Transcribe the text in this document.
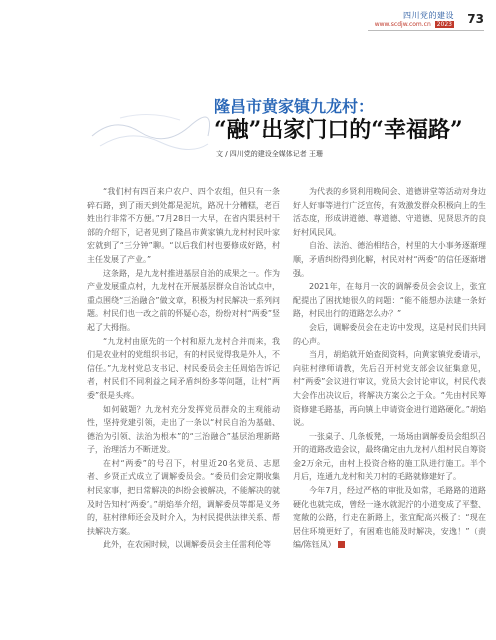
四川党的建设
www.scdjw.com.cn 2023 73
隆昌市黄家镇九龙村：
“融”出家门口的“幸福路”
文 / 四川党的建设全媒体记者 王珊

“我们村有四百来户农户、四个农组，但只有一条碎石路，到了雨天到处都是泥坑，路况十分糟糕，老百姓出行非常不方便。”7月28日一大早，在省内渠县村干部的介绍下，记者见到了隆昌市黄家镇九龙村村民叶家宏就到了“三分钟”聊。“以后我们村也要修成好路，村主任发展了产业。”

这条路，是九龙村推进基层自治的成果之一。作为产业发展重点村，九龙村在开展基层群众自治试点中，重点围绕“三治融合”做文章，积极为村民解决一系列问题。村民们也一改之前的怀疑心态，纷纷对村“两委”竖起了大拇指。

“九龙村由原先的一个村和原九龙村合并而来，我们是农业村的党组织书记，有的村民觉得我是外人，不信任。”九龙村党总支书记、村民委员会主任周焰告诉记者，村民们不同利益之间矛盾纠纷多等问题，让村“两委”很是头疼。

如何破题？九龙村充分发挥党员群众的主观能动性，坚持党建引领，走出了一条以“村民自治为基础、德治为引领、法治为根本”的“三治融合”基层治理新路子，治理活力不断迸发。

在村“两委”的号召下，村里近20名党员、志愿者、乡贤正式成立了调解委员会。“委员们会定期收集村民家事，把日常解决的纠纷会被解决，不能解决的就及时告知村‘两委’。”胡焰举介绍，调解委员等都是义务的，驻村律师还会及时介入，为村民提供法律关系、帮扶解决方案。

此外，在农闲时候，以调解委员会主任雷利伦等

为代表的乡贤利用晚间会、道德讲堂等活动对身边好人好事等进行广泛宣传，有效激发群众积极向上的生活态度，形成讲道德、尊道德、守道德、见贤思齐的良好村风民风。

自治、法治、德治相结合，村里的大小事务逐渐理顺，矛盾纠纷得到化解，村民对村“两委”的信任逐渐增强。

2021年，在每月一次的调解委员会会议上，张宜配提出了困扰她很久的问题：“能不能想办法建一条好路，村民出行的道路怎么办？”

会后，调解委员会在走访中发现，这是村民们共同的心声。

当月，胡焰就开始查阅资料，向黄家镇党委请示，向驻村律师请教，先后召开村党支部会议征集意见，村“两委”会议进行审议，党员大会讨论审议，村民代表大会作出决议后，将解决方案公之于众。“先由村民筹资修建毛路基，再向镇上申请资金进行道路硬化。”胡焰说。

一张桌子、几条板凳，一场场由调解委员会组织召开的道路改造会议，最终确定由九龙村八组村民自筹资金2万余元，由村上投资合格的施工队进行施工。半个月后，连通九龙村和关刀村的毛路就修建好了。

今年7月，经过严格的审批及如常，毛路路的道路硬化也就完成，曾经一逢水就泥泞的小道变成了平整、宽敞的公路，行走在新路上，张宜配高兴极了：“现在居住环境更好了，有困难也能及时解决，安逸！”（责编/陈钰凤）
